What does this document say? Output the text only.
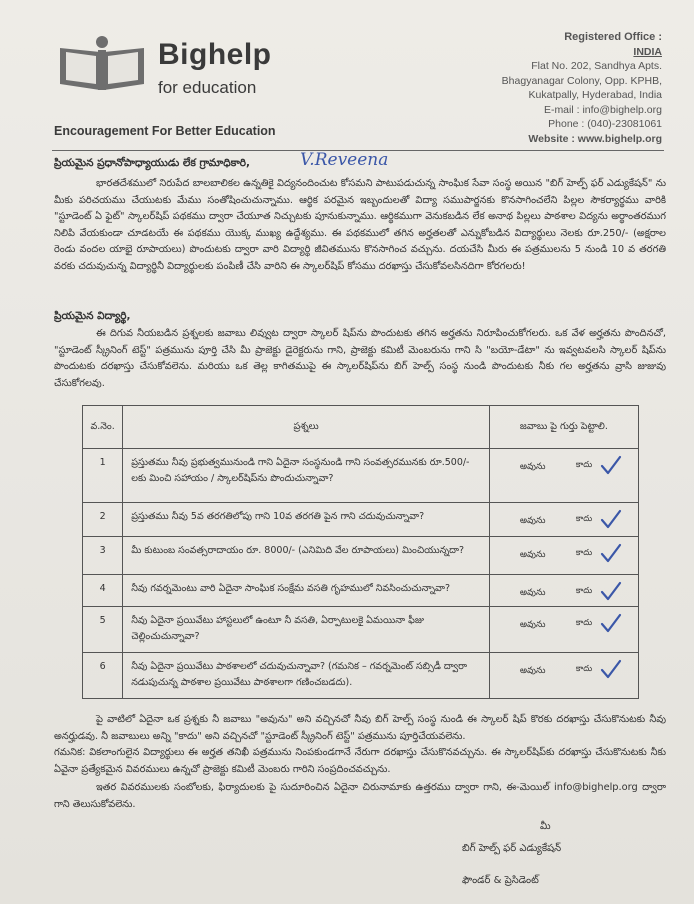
Bighelp
for education
Encouragement For Better Education
Registered Office :
INDIA
Flat No. 202, Sandhya Apts.
Bhagyanagar Colony, Opp. KPHB,
Kukatpally, Hyderabad, India
E-mail : info@bighelp.org
Phone : (040)-23081061
Website : www.bighelp.org
ప్రియమైన ప్రధానోపాధ్యాయుడు లేక గ్రామాధికారి,	V.Reveena
భారతదేశములో నిరుపేద బాలబాలికల ఉన్నతికై విద్యనందించుట కోసమని పాటుపడుచున్న సాంఘిక సేవా సంస్థ అయిన "బిగ్ హెల్ప్ ఫర్ ఎడ్యుకేషన్" ను మీకు పరిచయము చేయుటకు మేము సంతోషించుచున్నాము. ఆర్థిక పరమైన ఇబ్బందులతో విద్యా సముపార్జనకు కొనసాగించలేని పిల్లల సౌకర్యార్థము వారికి "స్టూడెంట్ ఏ ఫైట్" స్కాలర్‌షిప్ పథకము ద్వారా చేయూత నిచ్చుటకు పూనుకున్నాము. ఆర్థికముగా వెనుకబడిన లేక అనాథ పిల్లలు పాఠశాల విద్యను అర్థాంతరముగ నిలిపి వేయకుండా చూడటయే ఈ పథకము యొక్క ముఖ్య ఉద్దేశ్యము. ఈ పథకములో తగిన అర్హతలతో ఎన్నుకోబడిన విద్యార్థులు నెలకు రూ.250/- (అక్షరాల రెండు వందల యాభై రూపాయలు) పొందుటకు ద్వారా వారి విద్యార్థి జీవితమును కొనసాగించ వచ్చును. దయచేసి మీరు ఈ పత్రములను 5 నుండి 10 వ తరగతి వరకు చదువుచున్న విద్యార్థినీ విద్యార్థులకు పంపిణీ చేసి వారిని ఈ స్కాలర్‌షిప్ కోసము దరఖాస్తు చేసుకోవలసినదిగా కోరగలరు!
ప్రియమైన విద్యార్థి,
ఈ దిగువ నీయబడిన ప్రశ్నలకు జవాబు లివ్వుట ద్వారా స్కాలర్ షిప్‌ను పొందుటకు తగిన అర్హతను నిరూపించుకోగలరు. ఒక వేళ అర్హతను పొందినచో, "స్టూడెంట్ స్క్రీనింగ్ టెస్ట్" పత్రమును పూర్తి చేసి మీ ప్రాజెక్టు డైరెక్టరును గాని, ప్రాజెక్టు కమిటీ మెంబరును గాని సి "బయో-డేటా" ను ఇవ్వటవలసి స్కాలర్ షిప్‌ను పొందుటకు దరఖాస్తు చేసుకోవలెను. మరియు ఒక తెల్ల కాగితముపై ఈ స్కాలర్‌షిప్‌ను బిగ్ హెల్ప్ సంస్థ నుండి పొందుటకు నీకు గల అర్హతను వ్రాసి జుజువు చేసుకోగలవు.
వ.నెం.	ప్రశ్నలు	జవాబు పై గుర్తు పెట్టాలి.

1	ప్రస్తుతము నీవు ప్రభుత్వమునుండి గాని ఏదైనా సంస్థనుండి గాని సంవత్సరమునకు రూ.500/- లకు మించి సహాయం / స్కాలర్‌షిప్‌ను పొందుచున్నావా?	అవును కాదు

2	ప్రస్తుతము నీవు 5వ తరగతిలోపు గాని 10వ తరగతి పైన గాని చదువుచున్నావా?	అవును కాదు

3	మీ కుటుంబ సంవత్సరాదాయం రూ. 8000/- (ఎనిమిది వేల రూపాయలు) మించియున్నదా?	అవును కాదు

4	నీవు గవర్నమెంటు వారి ఏదైనా సాంఘిక సంక్షేమ వసతి గృహములో నివసించుచున్నావా?	అవును కాదు

5	నీవు ఏదైనా ప్రయివేటు హాస్టలులో ఉంటూ నీ వసతి, ఏర్పాటులకై ఏమయినా ఫీజు చెల్లించుచున్నావా?	అవును కాదు

6	నీవు ఏదైనా ప్రయివేటు పాఠశాలలో చదువుచున్నావా? (గమనిక – గవర్నమెంట్ సబ్సిడీ ద్వారా నడుపుచున్న పాఠశాల ప్రయివేటు పాఠశాలగా గణించబడదు).	అవును కాదు
పై వాటిలో ఏదైనా ఒక ప్రశ్నకు నీ జవాబు "అవును" అని వచ్చినచో నీవు బిగ్ హెల్ప్ సంస్థ నుండి ఈ స్కాలర్ షిప్ కొరకు దరఖాస్తు చేసుకొనుటకు నీవు అనర్హుడవు. నీ జవాబులు అన్ని "కాదు" అని వచ్చినచో "స్టూడెంట్ స్క్రీనింగ్ టెస్ట్" పత్రమును పూర్తిచేయవలెను.
గమనిక: వికలాంగులైన విద్యార్థులు ఈ అర్హత తనిఖీ పత్రమును నింపకుండగానే నేరుగా దరఖాస్తు చేసుకొనవచ్చును. ఈ స్కాలర్‌షిప్‌కు దరఖాస్తు చేసుకొనుటకు నీకు ఏవైనా ప్రత్యేకమైన వివరములు ఉన్నచో ప్రాజెక్టు కమిటీ మెంబరు గారిని సంప్రదించవచ్చును.
ఇతర వివరములకు సంబోలకు, ఫిర్యాదులకు పై సుదూరించిన ఏదైనా చిరునామాకు ఉత్తరము ద్వారా గాని, ఈ-మెయిల్ info@bighelp.org ద్వారా గాని తెలుసుకోవలెను.
మీ
బిగ్ హెల్ప్ ఫర్ ఎడ్యుకేషన్
ఫౌండర్ & ప్రెసిడెంట్
